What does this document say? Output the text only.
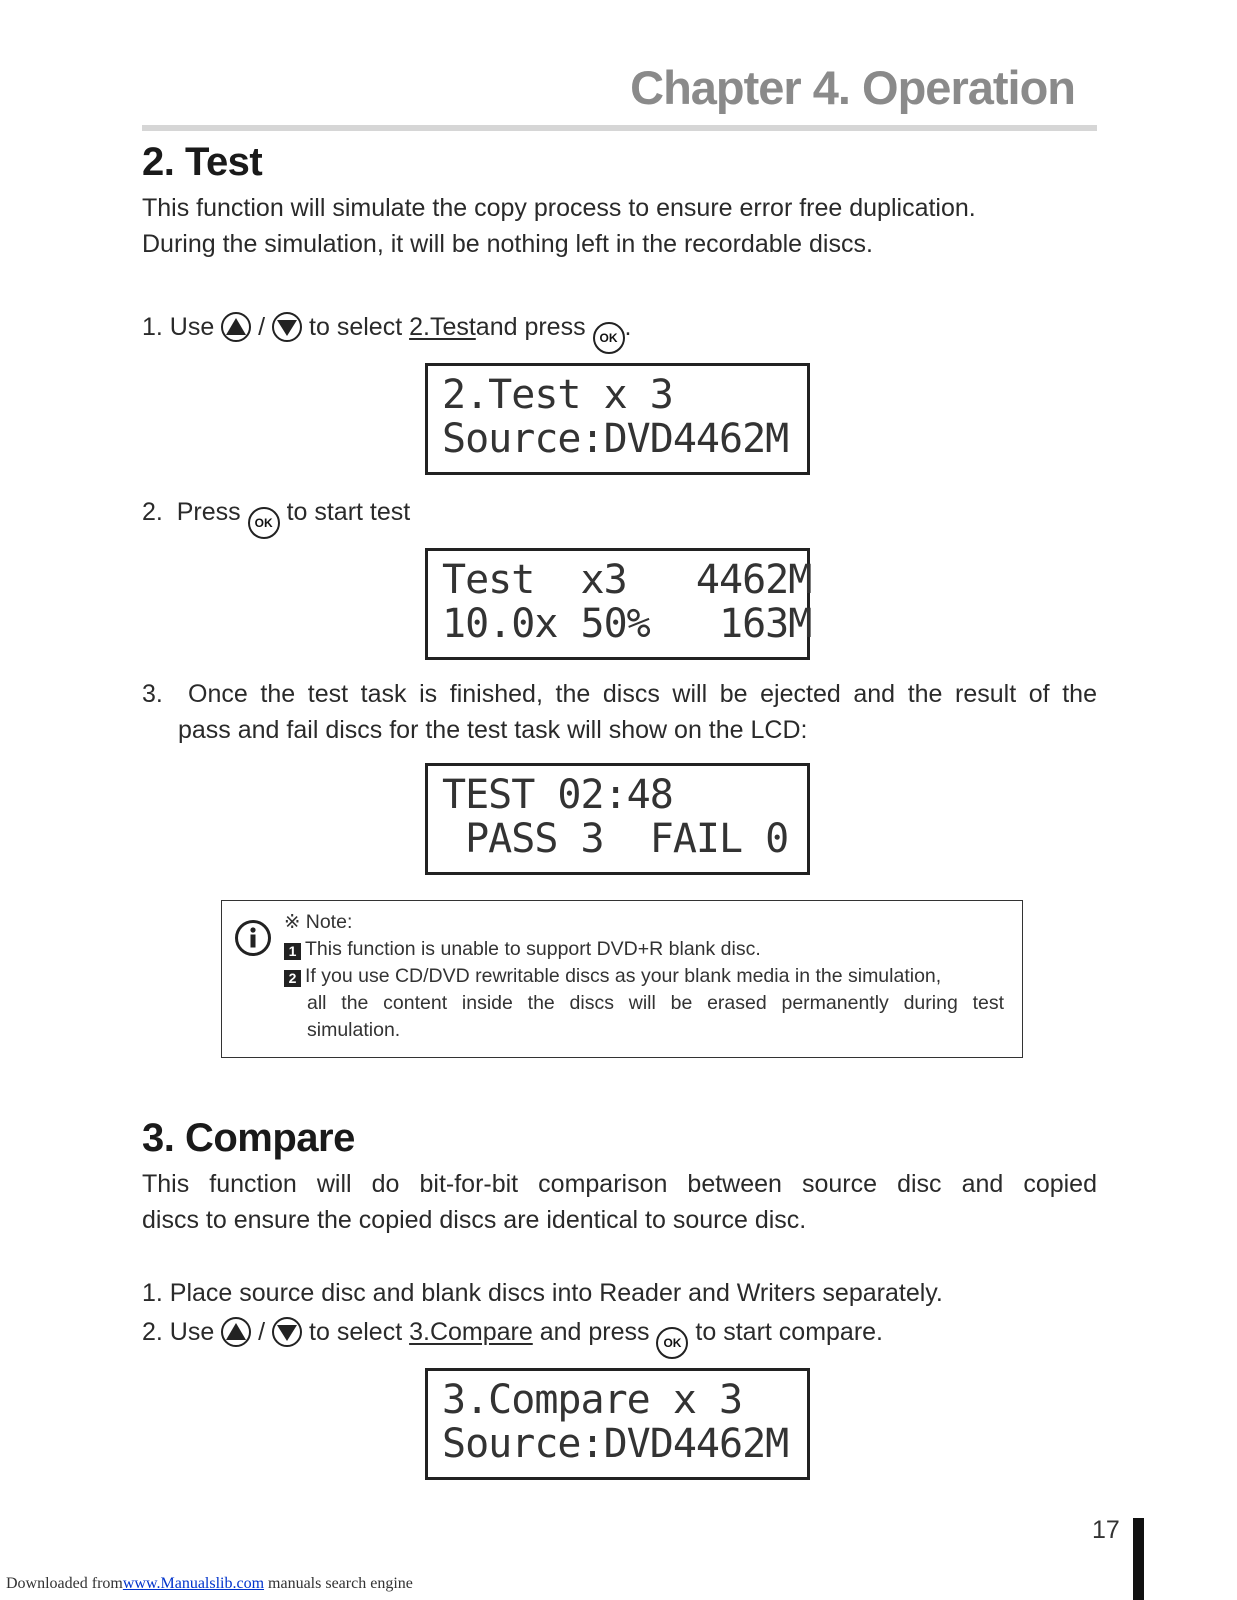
Chapter 4. Operation
2. Test

This function will simulate the copy process to ensure error free duplication.

During the simulation, it will be nothing left in the recordable discs.

1. Use / to select 2.Testand press OK .
2.Test x 3
Source:DVD4462M
2.  Press OK to start test
Test  x3   4462M
10.0x 50%   163M

3.  Once the test task is finished, the discs will be ejected and the result of the

pass and fail discs for the test task will show on the LCD:

TEST 02:48
PASS 3  FAIL 0
※ Note:
1 This function is unable to support DVD+R blank disc.
2 If you use CD/DVD rewritable discs as your blank media in the simulation,
all the content inside the discs will be erased permanently during test
simulation.
3. Compare

This function will do bit-for-bit comparison between source disc and copied

discs to ensure the copied discs are identical to source disc.

1. Place source disc and blank discs into Reader and Writers separately.

2. Use / to select 3.Compare and press OK to start compare.
3.Compare x 3
Source:DVD4462M
17
Downloaded fromwww.Manualslib.com manuals search engine
